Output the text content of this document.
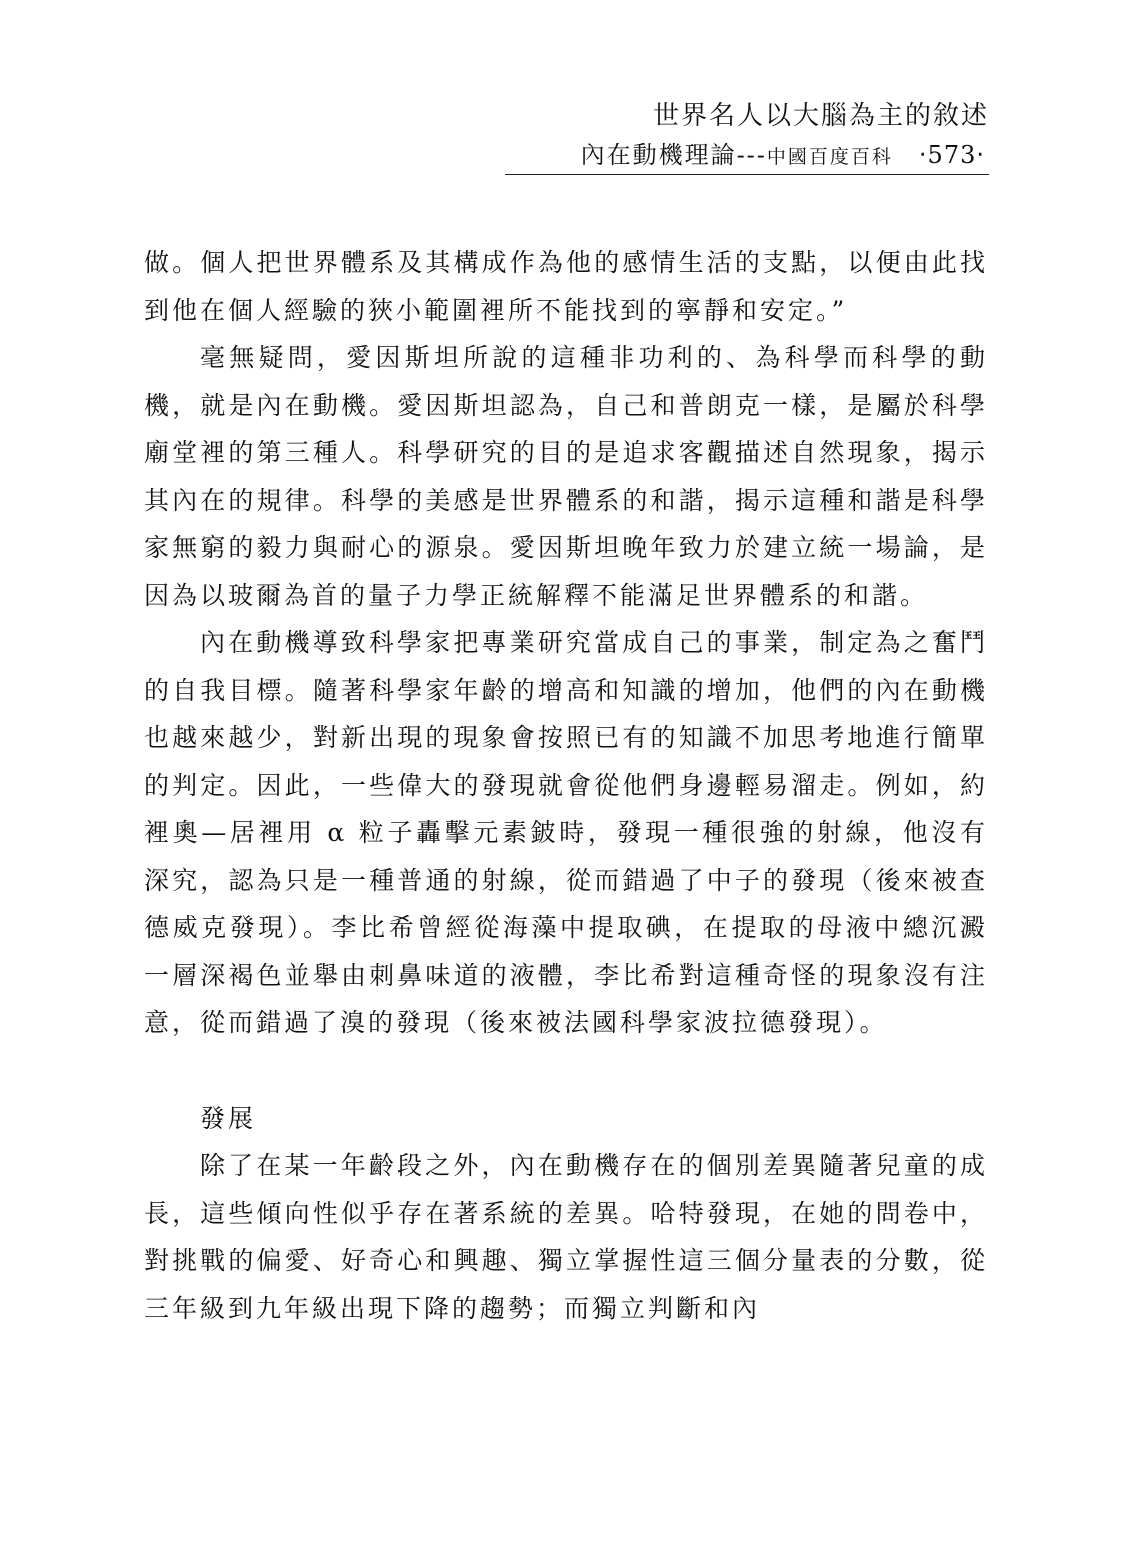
世界名人以大腦為主的敘述
內在動機理論--- 中國百度百科 ‧573‧

做。個人把世界體系及其構成作為他的感情生活的支點，以便由此找到他在個人經驗的狹小範圍裡所不能找到的寧靜和安定。”

毫無疑問，愛因斯坦所說的這種非功利的、為科學而科學的動機，就是內在動機。愛因斯坦認為，自己和普朗克一樣，是屬於科學廟堂裡的第三種人。科學研究的目的是追求客觀描述自然現象，揭示其內在的規律。科學的美感是世界體系的和諧，揭示這種和諧是科學家無窮的毅力與耐心的源泉。愛因斯坦晚年致力於建立統一場論，是因為以玻爾為首的量子力學正統解釋不能滿足世界體系的和諧。

內在動機導致科學家把專業研究當成自己的事業，制定為之奮鬥的自我目標。隨著科學家年齡的增高和知識的增加，他們的內在動機也越來越少，對新出現的現象會按照已有的知識不加思考地進行簡單的判定。因此，一些偉大的發現就會從他們身邊輕易溜走。例如，約裡奧—居裡用 α 粒子轟擊元素鈹時，發現一種很強的射線，他沒有深究，認為只是一種普通的射線，從而錯過了中子的發現（後來被查德威克發現）。李比希曾經從海藻中提取碘，在提取的母液中總沉澱一層深褐色並舉由刺鼻味道的液體，李比希對這種奇怪的現象沒有注意，從而錯過了溴的發現（後來被法國科學家波拉德發現）。

發展

除了在某一年齡段之外，內在動機存在的個別差異隨著兒童的成長，這些傾向性似乎存在著系統的差異。哈特發現，在她的問卷中，對挑戰的偏愛、好奇心和興趣、獨立掌握性這三個分量表的分數，從三年級到九年級出現下降的趨勢；而獨立判斷和內
